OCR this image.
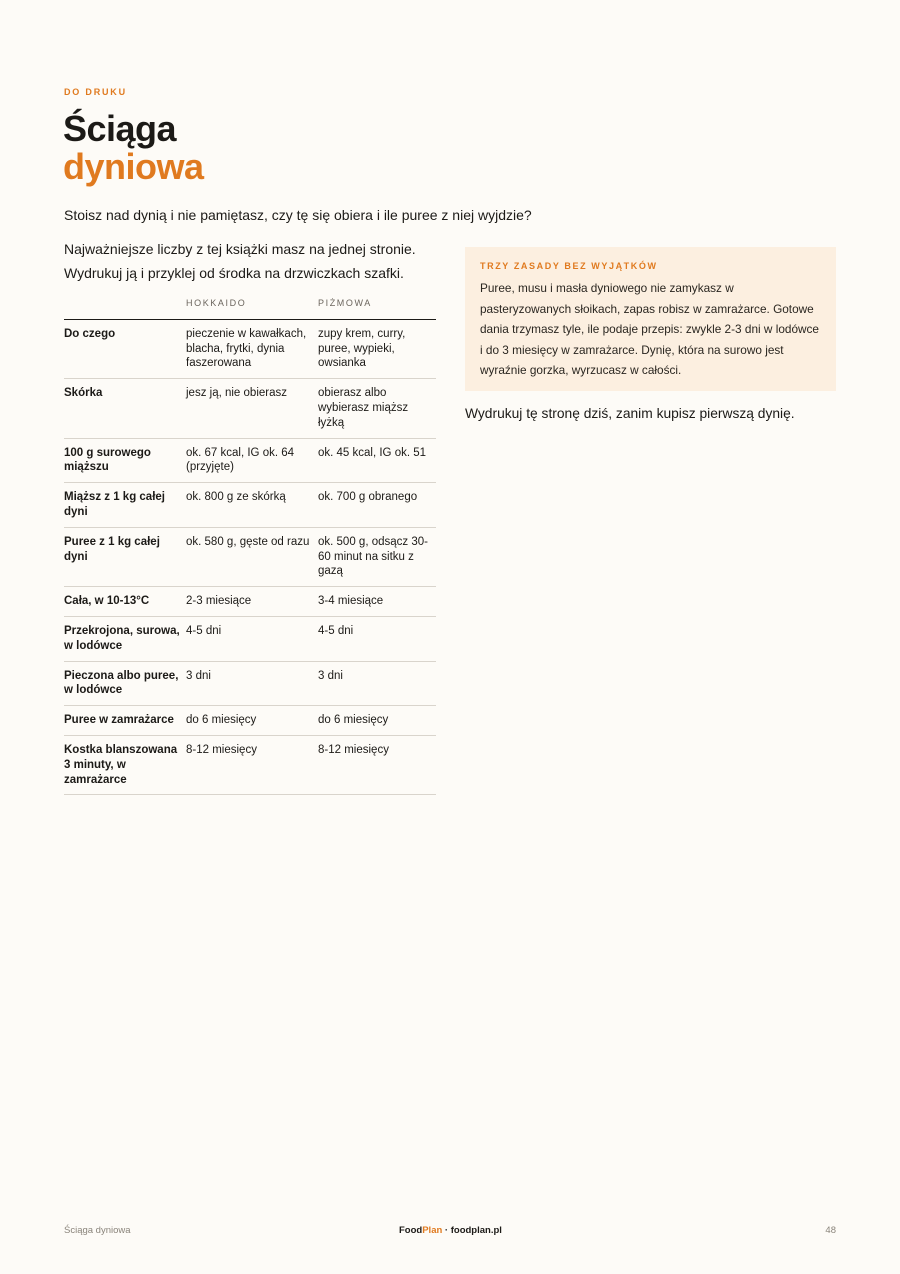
DO DRUKU
Ściąga
dyniowa

Stoisz nad dynią i nie pamiętasz, czy tę się obiera i ile puree z niej wyjdzie?

Najważniejsze liczby z tej książki masz na jednej stronie.
Wydrukuj ją i przyklej od środka na drzwiczkach szafki.
	HOKKAIDO	PIŻMOWA
Do czego	pieczenie w kawałkach, blacha, frytki, dynia faszerowana	zupy krem, curry, puree, wypieki, owsianka
Skórka	jesz ją, nie obierasz	obierasz albo wybierasz miąższ łyżką
100 g surowego miąższu	ok. 67 kcal, IG ok. 64 (przyjęte)	ok. 45 kcal, IG ok. 51
Miąższ z 1 kg całej dyni	ok. 800 g ze skórką	ok. 700 g obranego
Puree z 1 kg całej dyni	ok. 580 g, gęste od razu	ok. 500 g, odsącz 30-60 minut na sitku z gazą
Cała, w 10-13°C	2-3 miesiące	3-4 miesiące
Przekrojona, surowa, w lodówce	4-5 dni	4-5 dni
Pieczona albo puree, w lodówce	3 dni	3 dni
Puree w zamrażarce	do 6 miesięcy	do 6 miesięcy
Kostka blanszowana 3 minuty, w zamrażarce	8-12 miesięcy	8-12 miesięcy
TRZY ZASADY BEZ WYJĄTKÓW

Puree, musu i masła dyniowego nie zamykasz w pasteryzowanych słoikach, zapas robisz w zamrażarce. Gotowe dania trzymasz tyle, ile podaje przepis: zwykle 2-3 dni w lodówce i do 3 miesięcy w zamrażarce. Dynię, która na surowo jest wyraźnie gorzka, wyrzucasz w całości.

Wydrukuj tę stronę dziś, zanim kupisz pierwszą dynię.

Ściąga dyniowa	FoodPlan · foodplan.pl	48
